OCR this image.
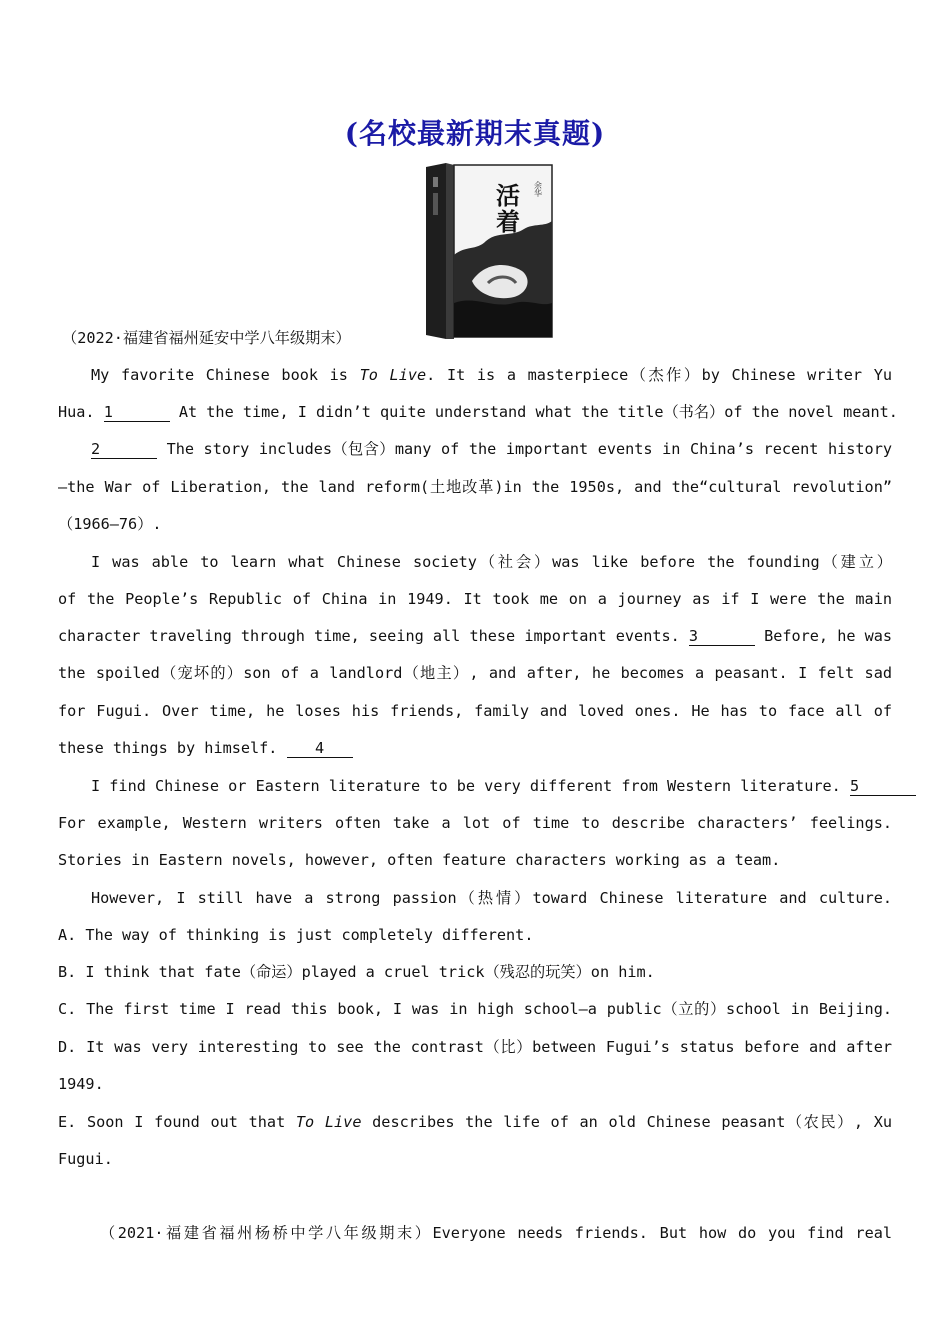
(名校最新期末真题)
活着 余华
（2022·福建省福州延安中学八年级期末）
My favorite Chinese book is To Live. It is a masterpiece（杰作）by Chinese writer Yu
Hua. 1	At the time, I didn’t quite understand what the title（书名）of the novel meant.
2	The story includes（包含）many of the important events in China’s recent history
—the War of Liberation, the land reform(土地改革)in the 1950s, and the“cultural revolution”
（1966—76）.
I was able to learn what Chinese society（社会）was like before the founding（建立）
of the People’s Republic of China in 1949. It took me on a journey as if I were the main
character traveling through time, seeing all these important events. 3	Before, he was
the spoiled（宠坏的）son of a landlord（地主）, and after, he becomes a peasant. I felt sad
for Fugui. Over time, he loses his friends, family and loved ones. He has to face all of
these things by himself. 4
I find Chinese or Eastern literature to be very different from Western literature. 5
For example, Western writers often take a lot of time to describe characters’ feelings.
Stories in Eastern novels, however, often feature characters working as a team.
However, I still have a strong passion（热情）toward Chinese literature and culture.
A. The way of thinking is just completely different.
B. I think that fate（命运）played a cruel trick（残忍的玩笑）on him.
C. The first time I read this book, I was in high school—a public（立的）school in Beijing.
D. It was very interesting to see the contrast（比）between Fugui’s status before and after
1949.
E. Soon I found out that To Live describes the life of an old Chinese peasant（农民）, Xu
Fugui.
（2021·福建省福州杨桥中学八年级期末）Everyone needs friends. But how do you find real
